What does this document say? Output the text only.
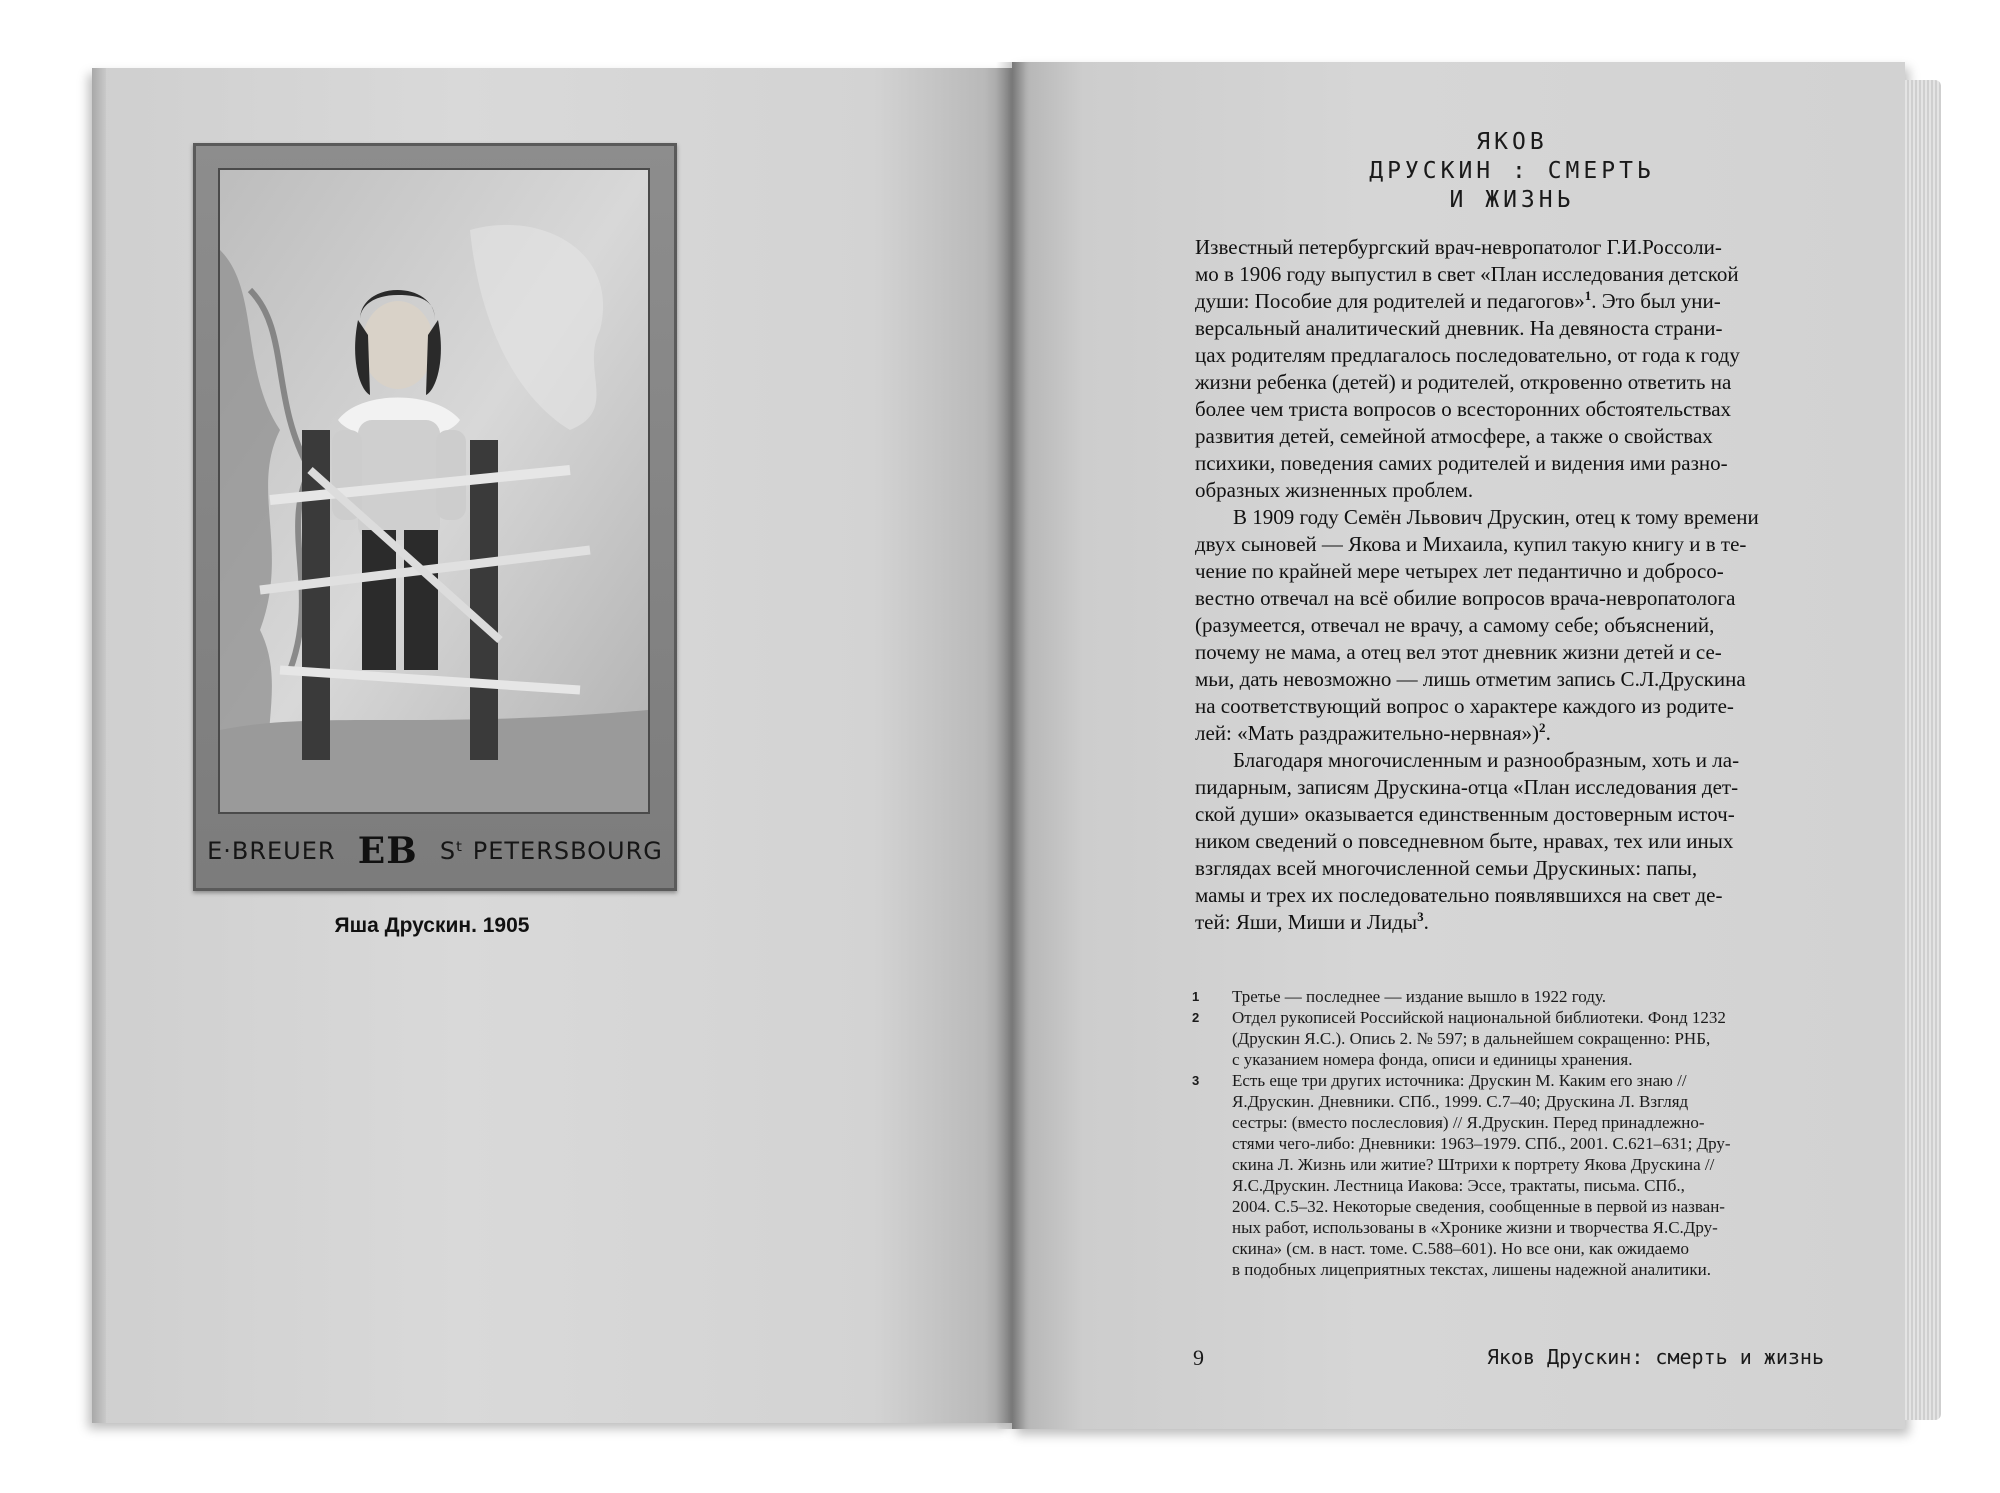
E·BREUER EB Sᵗ PETERSBOURG
Яша Друскин. 1905
ЯКОВ
ДРУСКИН : СМЕРТЬ
И ЖИЗНЬ
Известный петербургский врач-невропатолог Г.И.Россоли-
мо в 1906 году выпустил в свет «План исследования детской
души: Пособие для родителей и педагогов»$^1$. Это был уни-
версальный аналитический дневник. На девяноста страни-
цах родителям предлагалось последовательно, от года к году
жизни ребенка (детей) и родителей, откровенно ответить на
более чем триста вопросов о всесторонних обстоятельствах
развития детей, семейной атмосфере, а также о свойствах
психики, поведения самих родителей и видения ими разно-
образных жизненных проблем.
В 1909 году Семён Львович Друскин, отец к тому времени
двух сыновей — Якова и Михаила, купил такую книгу и в те-
чение по крайней мере четырех лет педантично и добросо-
вестно отвечал на всё обилие вопросов врача-невропатолога
(разумеется, отвечал не врачу, а самому себе; объяснений,
почему не мама, а отец вел этот дневник жизни детей и се-
мьи, дать невозможно — лишь отметим запись С.Л.Друскина
на соответствующий вопрос о характере каждого из родите-
лей: «Мать раздражительно-нервная»)$^2$.
Благодаря многочисленным и разнообразным, хоть и ла-
пидарным, записям Друскина-отца «План исследования дет-
ской души» оказывается единственным достоверным источ-
ником сведений о повседневном быте, нравах, тех или иных
взглядах всей многочисленной семьи Друскиных: папы,
мамы и трех их последовательно появлявшихся на свет де-
тей: Яши, Миши и Лиды$^3$.
1 Третье — последнее — издание вышло в 1922 году.
2 Отдел рукописей Российской национальной библиотеки. Фонд 1232
(Друскин Я.С.). Опись 2. № 597; в дальнейшем сокращенно: РНБ,
с указанием номера фонда, описи и единицы хранения.
3 Есть еще три других источника: Друскин М. Каким его знаю //
Я.Друскин. Дневники. СПб., 1999. С.7–40; Друскина Л. Взгляд
сестры: (вместо послесловия) // Я.Друскин. Перед принадлежно-
стями чего-либо: Дневники: 1963–1979. СПб., 2001. С.621–631; Дру-
скина Л. Жизнь или житие? Штрихи к портрету Якова Друскина //
Я.С.Друскин. Лестница Иакова: Эссе, трактаты, письма. СПб.,
2004. С.5–32. Некоторые сведения, сообщенные в первой из назван-
ных работ, использованы в «Хронике жизни и творчества Я.С.Дру-
скина» (см. в наст. томе. С.588–601). Но все они, как ожидаемо
в подобных лицеприятных текстах, лишены надежной аналитики.
9	Яков Друскин: смерть и жизнь
